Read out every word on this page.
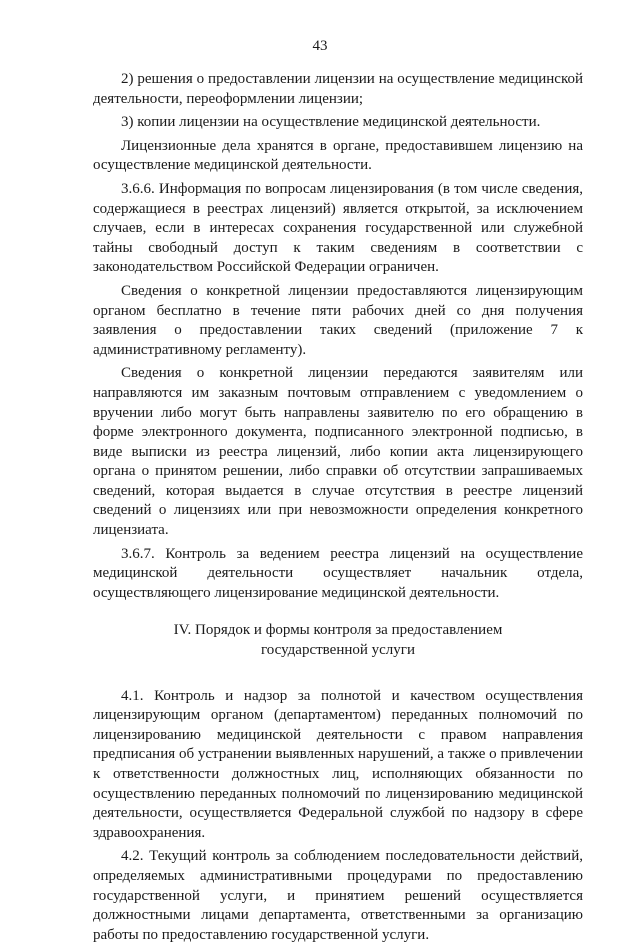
43

2) решения о предоставлении лицензии на осуществление медицинской деятельности, переоформлении лицензии;

3) копии лицензии на осуществление медицинской деятельности.

Лицензионные дела хранятся в органе, предоставившем лицензию на осуществление медицинской деятельности.

3.6.6. Информация по вопросам лицензирования (в том числе сведения, содержащиеся в реестрах лицензий) является открытой, за исключением случаев, если в интересах сохранения государственной или служебной тайны свободный доступ к таким сведениям в соответствии с законодательством Российской Федерации ограничен.

Сведения о конкретной лицензии предоставляются лицензирующим органом бесплатно в течение пяти рабочих дней со дня получения заявления о предоставлении таких сведений (приложение 7 к административному регламенту).

Сведения о конкретной лицензии передаются заявителям или направляются им заказным почтовым отправлением с уведомлением о вручении либо могут быть направлены заявителю по его обращению в форме электронного документа, подписанного электронной подписью, в виде выписки из реестра лицензий, либо копии акта лицензирующего органа о принятом решении, либо справки об отсутствии запрашиваемых сведений, которая выдается в случае отсутствия в реестре лицензий сведений о лицензиях или при невозможности определения конкретного лицензиата.

3.6.7. Контроль за ведением реестра лицензий на осуществление медицинской деятельности осуществляет начальник отдела, осуществляющего лицензирование медицинской деятельности.

IV. Порядок и формы контроля за предоставлением
государственной услуги

4.1. Контроль и надзор за полнотой и качеством осуществления лицензирующим органом (департаментом) переданных полномочий по лицензированию медицинской деятельности с правом направления предписания об устранении выявленных нарушений, а также о привлечении к ответственности должностных лиц, исполняющих обязанности по осуществлению переданных полномочий по лицензированию медицинской деятельности, осуществляется Федеральной службой по надзору в сфере здравоохранения.

4.2. Текущий контроль за соблюдением последовательности действий, определяемых административными процедурами по предоставлению государственной услуги, и принятием решений осуществляется должностными лицами департамента, ответственными за организацию работы по предоставлению государственной услуги.
